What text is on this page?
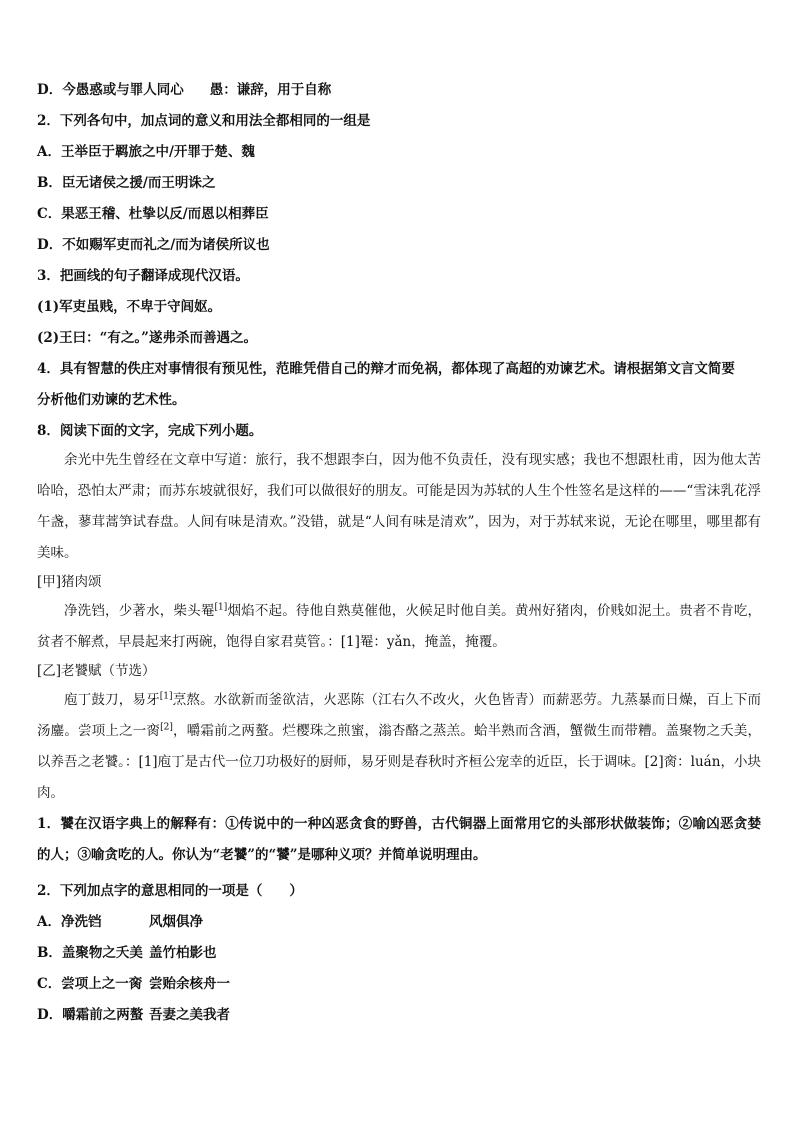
D．今愚惑或与罪人同心 愚：谦辞，用于自称
2．下列各句中，加点词的意义和用法全都相同的一组是
A．王举臣于羁旅之中/开罪于楚、魏
B．臣无诸侯之援/而王明诛之
C．果恶王稽、杜挚以反/而恩以相葬臣
D．不如赐军吏而礼之/而为诸侯所议也
3．把画线的句子翻译成现代汉语。
(1)军吏虽贱，不卑于守闾妪。
(2)王曰：“有之。”遂弗杀而善遇之。
4．具有智慧的佚庄对事情很有预见性，范睢凭借自己的辩才而免祸，都体现了高超的劝谏艺术。请根据第文言文简要
分析他们劝谏的艺术性。
8．阅读下面的文字，完成下列小题。
余光中先生曾经在文章中写道：旅行，我不想跟李白，因为他不负责任，没有现实感；我也不想跟杜甫，因为他太苦哈哈，恐怕太严肃；而苏东坡就很好，我们可以做很好的朋友。可能是因为苏轼的人生个性签名是这样的——“雪沫乳花浮午盏，蓼茸蒿笋试春盘。人间有味是清欢。”没错，就是“人间有味是清欢”，因为，对于苏轼来说，无论在哪里，哪里都有美味。
[甲]猪肉颂
净洗铛，少著水，柴头罨[1]烟焰不起。待他自熟莫催他，火候足时他自美。黄州好猪肉，价贱如泥土。贵者不肯吃，贫者不解煮，早晨起来打两碗，饱得自家君莫管。：[1]罨：yǎn，掩盖，掩覆。
[乙]老饕赋（节选）
庖丁鼓刀，易牙[1]烹熬。水欲新而釜欲洁，火恶陈（江右久不改火，火色皆青）而薪恶劳。九蒸暴而日燥，百上下而汤鏖。尝项上之一脔[2]，嚼霜前之两螯。烂樱珠之煎蜜，滃杏酪之蒸羔。蛤半熟而含酒，蟹微生而带糟。盖聚物之夭美，以养吾之老饕。：[1]庖丁是古代一位刀功极好的厨师，易牙则是春秋时齐桓公宠幸的近臣，长于调味。[2]脔：luán，小块肉。
1．饕在汉语字典上的解释有：①传说中的一种凶恶贪食的野兽，古代铜器上面常用它的头部形状做装饰；②喻凶恶贪婪的人；③喻贪吃的人。你认为“老饕”的“饕”是哪种义项？并简单说明理由。
2．下列加点字的意思相同的一项是（　　）
A．净洗铛	风烟俱净
B．盖聚物之夭美 盖竹柏影也
C．尝项上之一脔 尝贻余核舟一
D．嚼霜前之两螯 吾妻之美我者
